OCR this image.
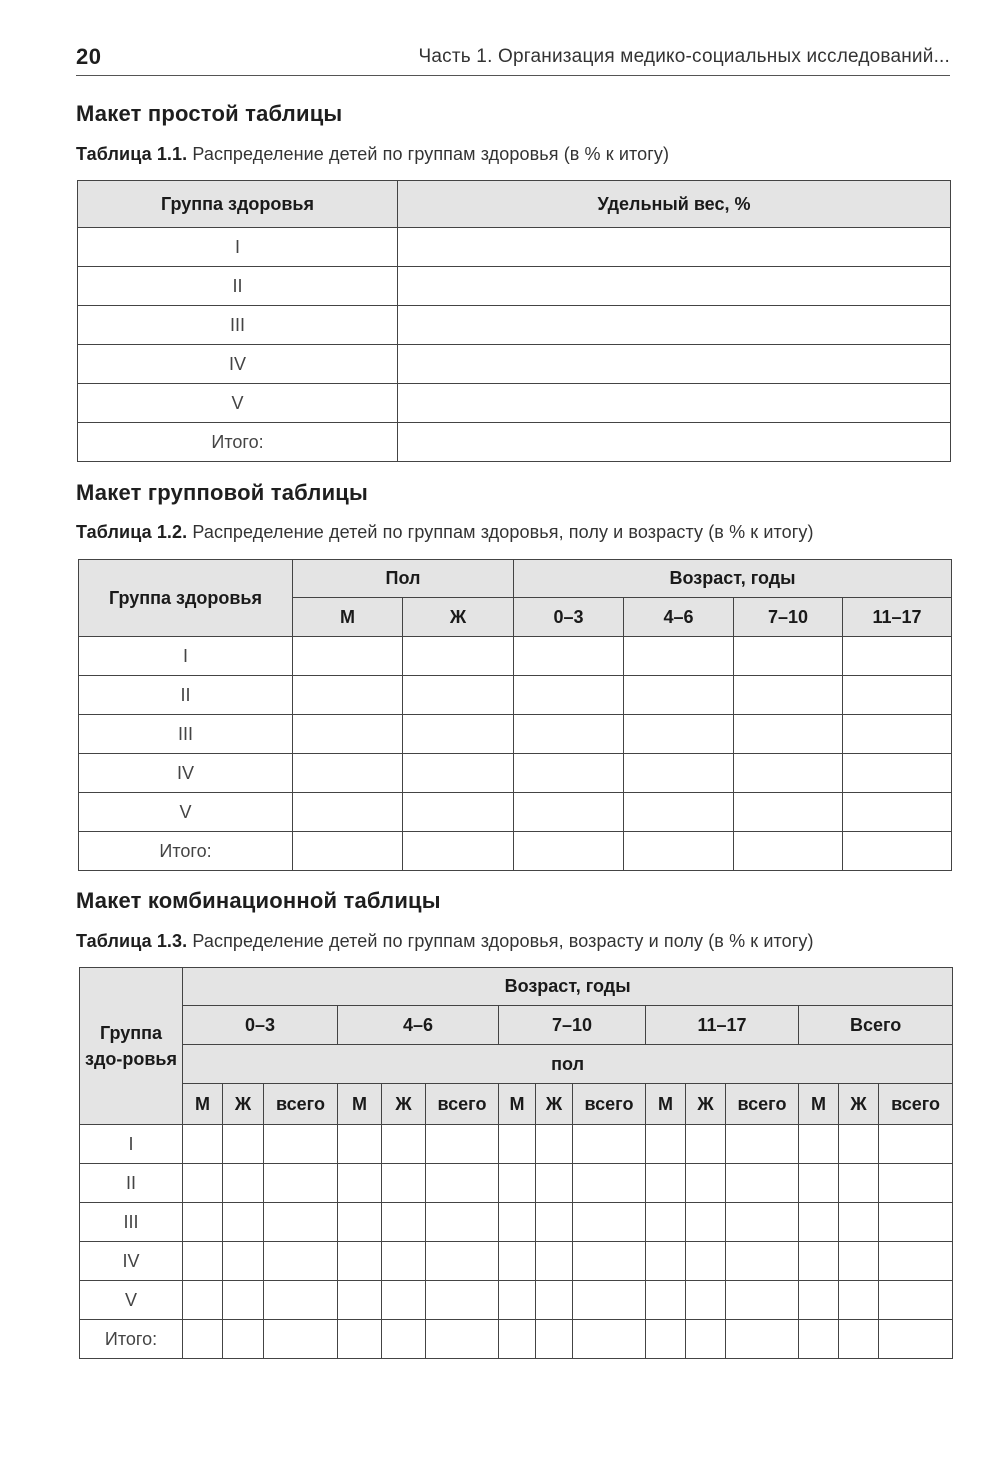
20	Часть 1. Организация медико-социальных исследований...
Макет простой таблицы
Таблица 1.1. Распределение детей по группам здоровья (в % к итогу)
Группа здоровья	Удельный вес, %
I	
II	
III	
IV	
V	
Итого:	
Макет групповой таблицы
Таблица 1.2. Распределение детей по группам здоровья, полу и возрасту (в % к итогу)
Группа здоровья	Пол		Возраст, годы			
	М	Ж	0–3	4–6	7–10	11–17
I						
II						
III						
IV						
V						
Итого:						
Макет комбинационной таблицы
Таблица 1.3. Распределение детей по группам здоровья, возрасту и полу (в % к итогу)
Группа здо-ровья	Возраст, годы														
	0–3			4–6			7–10			11–17			Всего		
	пол														
	М	Ж	всего	М	Ж	всего	М	Ж	всего	М	Ж	всего	М	Ж	всего
I															
II															
III															
IV															
V															
Итого:															
